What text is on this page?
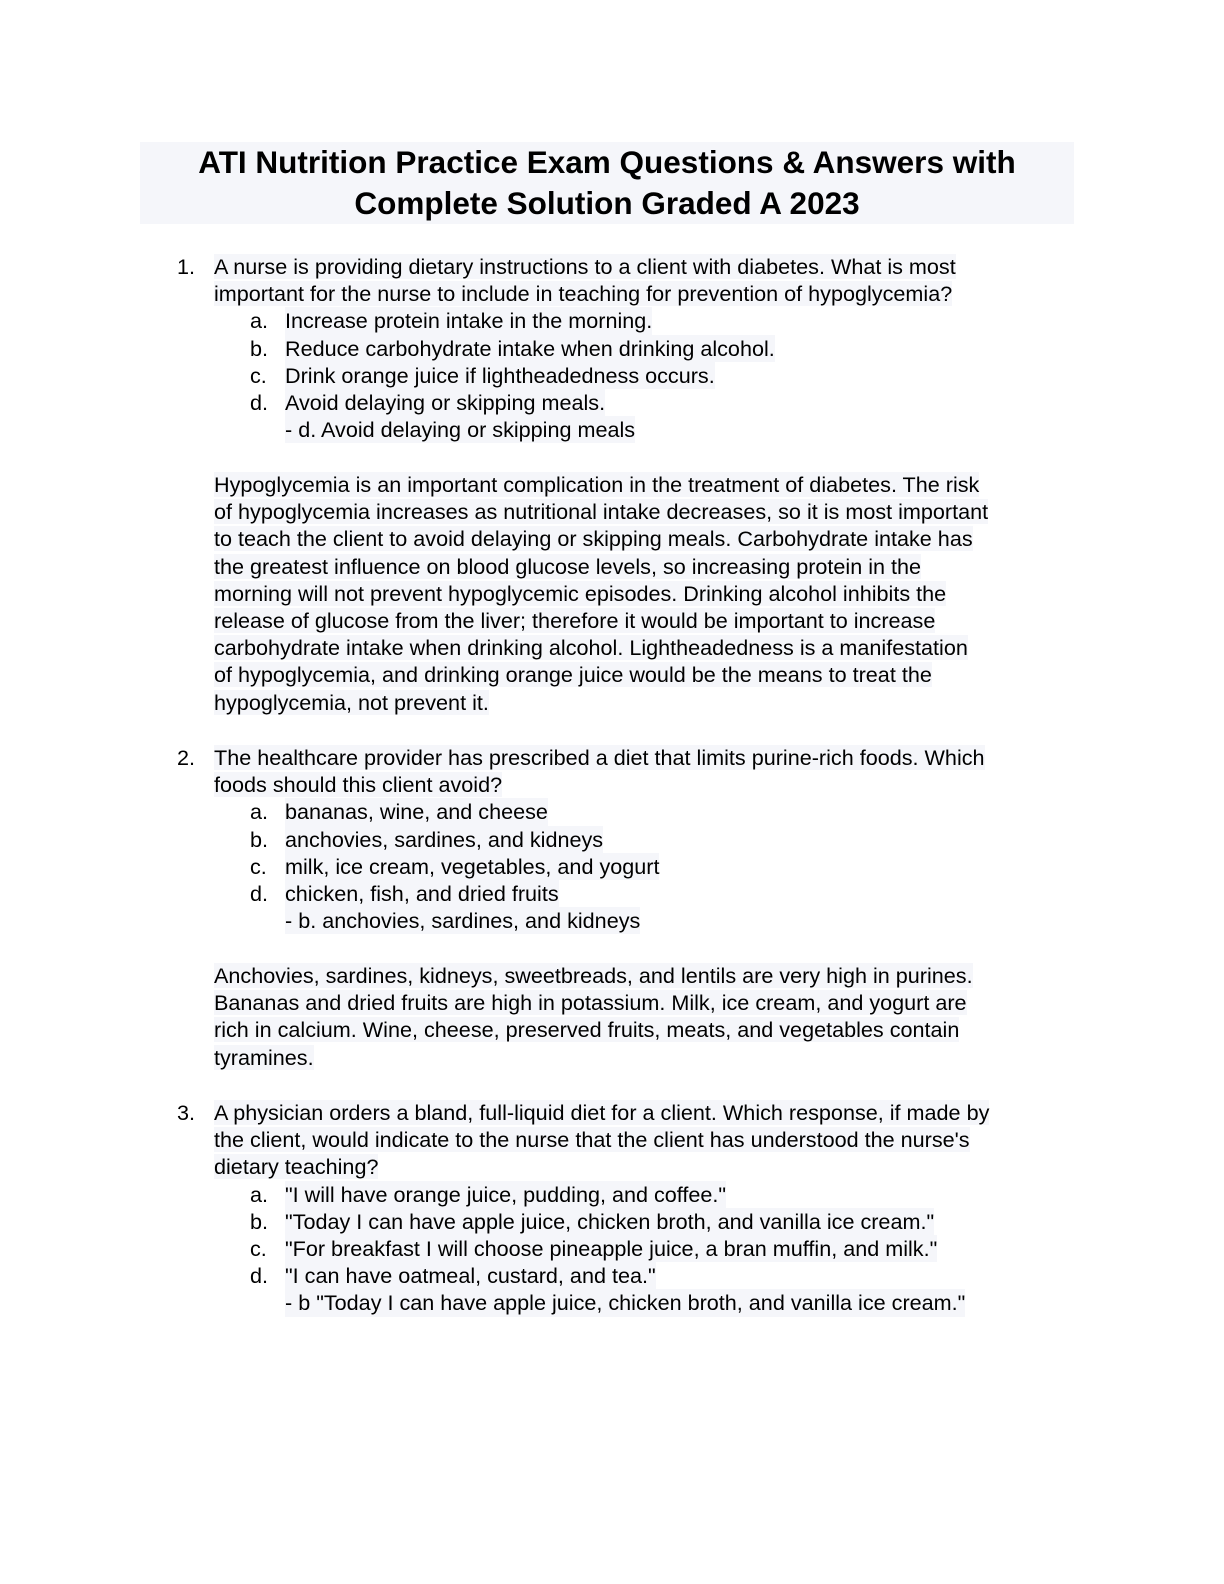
ATI Nutrition Practice Exam Questions & Answers with
Complete Solution Graded A 2023
1. A nurse is providing dietary instructions to a client with diabetes. What is most
important for the nurse to include in teaching for prevention of hypoglycemia?
a. Increase protein intake in the morning.
b. Reduce carbohydrate intake when drinking alcohol.
c. Drink orange juice if lightheadedness occurs.
d. Avoid delaying or skipping meals.
- d. Avoid delaying or skipping meals
Hypoglycemia is an important complication in the treatment of diabetes. The risk
of hypoglycemia increases as nutritional intake decreases, so it is most important
to teach the client to avoid delaying or skipping meals. Carbohydrate intake has
the greatest influence on blood glucose levels, so increasing protein in the
morning will not prevent hypoglycemic episodes. Drinking alcohol inhibits the
release of glucose from the liver; therefore it would be important to increase
carbohydrate intake when drinking alcohol. Lightheadedness is a manifestation
of hypoglycemia, and drinking orange juice would be the means to treat the
hypoglycemia, not prevent it.
2. The healthcare provider has prescribed a diet that limits purine-rich foods. Which
foods should this client avoid?
a. bananas, wine, and cheese
b. anchovies, sardines, and kidneys
c. milk, ice cream, vegetables, and yogurt
d. chicken, fish, and dried fruits
- b. anchovies, sardines, and kidneys
Anchovies, sardines, kidneys, sweetbreads, and lentils are very high in purines.
Bananas and dried fruits are high in potassium. Milk, ice cream, and yogurt are
rich in calcium. Wine, cheese, preserved fruits, meats, and vegetables contain
tyramines.
3. A physician orders a bland, full-liquid diet for a client. Which response, if made by
the client, would indicate to the nurse that the client has understood the nurse's
dietary teaching?
a. "I will have orange juice, pudding, and coffee."
b. "Today I can have apple juice, chicken broth, and vanilla ice cream."
c. "For breakfast I will choose pineapple juice, a bran muffin, and milk."
d. "I can have oatmeal, custard, and tea."
- b "Today I can have apple juice, chicken broth, and vanilla ice cream."
